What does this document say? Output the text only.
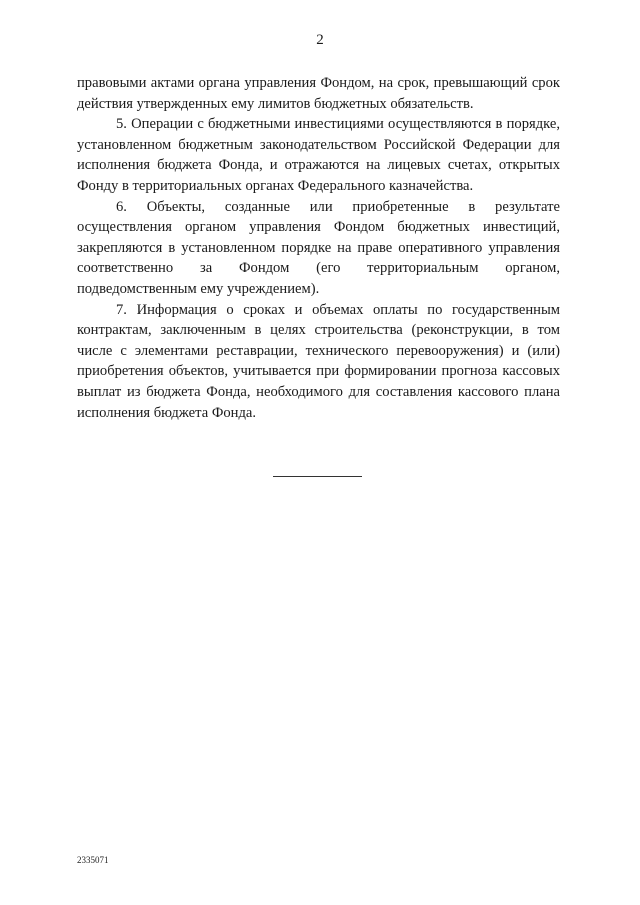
2

правовыми актами органа управления Фондом, на срок, превышающий срок действия утвержденных ему лимитов бюджетных обязательств.

5. Операции с бюджетными инвестициями осуществляются в порядке, установленном бюджетным законодательством Российской Федерации для исполнения бюджета Фонда, и отражаются на лицевых счетах, открытых Фонду в территориальных органах Федерального казначейства.

6. Объекты, созданные или приобретенные в результате осуществления органом управления Фондом бюджетных инвестиций, закрепляются в установленном порядке на праве оперативного управления соответственно за Фондом (его территориальным органом, подведомственным ему учреждением).

7. Информация о сроках и объемах оплаты по государственным контрактам, заключенным в целях строительства (реконструкции, в том числе с элементами реставрации, технического перевооружения) и (или) приобретения объектов, учитывается при формировании прогноза кассовых выплат из бюджета Фонда, необходимого для составления кассового плана исполнения бюджета Фонда.

2335071
